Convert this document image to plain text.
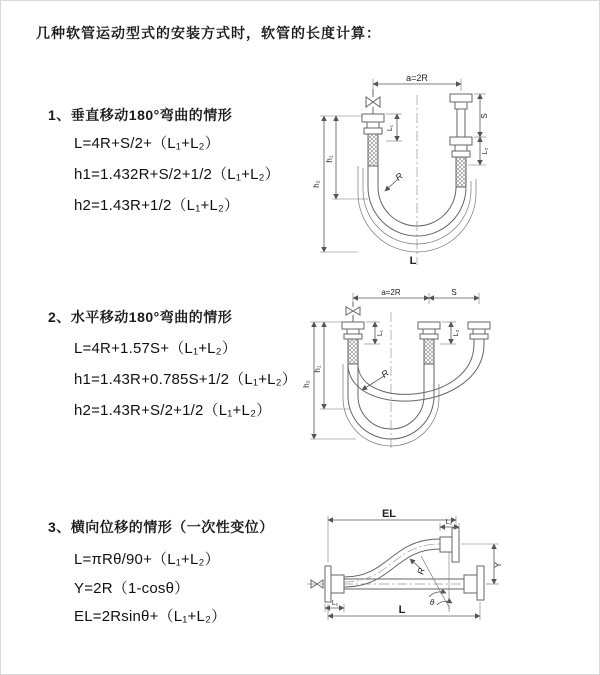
几种软管运动型式的安装方式时，软管的长度计算：
1、垂直移动180°弯曲的情形
L=4R+S/2+（L₁+L₂）
h1=1.432R+S/2+1/2（L₁+L₂）
h2=1.43R+1/2（L₁+L₂）
2、水平移动180°弯曲的情形
L=4R+1.57S+（L₁+L₂）
h1=1.43R+0.785S+1/2（L₁+L₂）
h2=1.43R+S/2+1/2（L₁+L₂）
3、横向位移的情形（一次性变位）
L=πRθ/90+（L₁+L₂）
Y=2R（1-cosθ）
EL=2Rsinθ+（L₁+L₂）
a=2R
h₂
h₁
L₁
S
L₂
R
L
a=2R	S
h₂
h₁
L₁	L₂
R
θ
R
EL
L₂
Y
L₁
L
